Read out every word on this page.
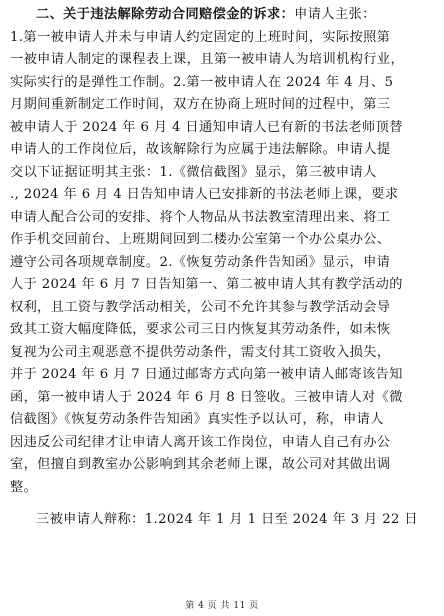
二、关于违法解除劳动合同赔偿金的诉求：申请人主张：
1.第一被申请人并未与申请人约定固定的上班时间，实际按照第
一被申请人制定的课程表上课，且第一被申请人为培训机构行业，
实际实行的是弹性工作制。2.第一被申请人在 2024 年 4 月、5
月期间重新制定工作时间，双方在协商上班时间的过程中，第三
被申请人于 2024 年 6 月 4 日通知申请人已有新的书法老师顶替
申请人的工作岗位后，故该解除行为应属于违法解除。申请人提
交以下证据证明其主张：1.《微信截图》显示，第三被申请人
., 2024 年 6 月 4 日告知申请人已安排新的书法老师上课，要求
申请人配合公司的安排、将个人物品从书法教室清理出来、将工
作手机交回前台、上班期间回到二楼办公室第一个办公桌办公、
遵守公司各项规章制度。2.《恢复劳动条件告知函》显示，申请
人于 2024 年 6 月 7 日告知第一、第二被申请人其有教学活动的
权利，且工资与教学活动相关，公司不允许其参与教学活动会导
致其工资大幅度降低，要求公司三日内恢复其劳动条件，如未恢
复视为公司主观恶意不提供劳动条件，需支付其工资收入损失，
并于 2024 年 6 月 7 日通过邮寄方式向第一被申请人邮寄该告知
函，第一被申请人于 2024 年 6 月 8 日签收。三被申请人对《微
信截图》《恢复劳动条件告知函》真实性予以认可，称，申请人
因违反公司纪律才让申请人离开该工作岗位，申请人自己有办公
室，但擅自到教室办公影响到其余老师上课，故公司对其做出调
整。
三被申请人辩称：1.2024 年 1 月 1 日至 2024 年 3 月 22 日
第 4 页 共 11 页
